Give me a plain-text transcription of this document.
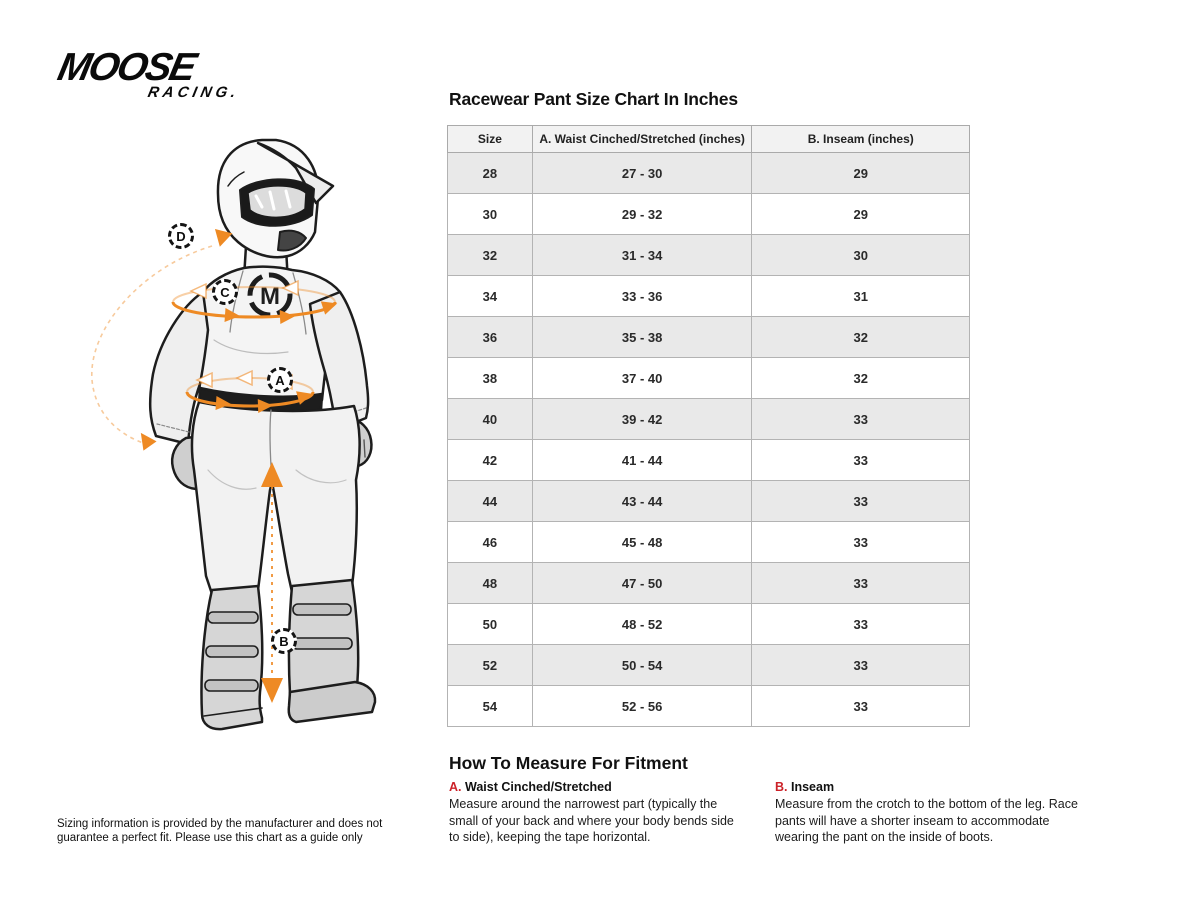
MOOSE
RACING.
M
D
C
A
B
Racewear Pant Size Chart In Inches
Size	A. Waist Cinched/Stretched (inches)	B. Inseam (inches)
28	27 - 30	29
30	29 - 32	29
32	31 - 34	30
34	33 - 36	31
36	35 - 38	32
38	37 - 40	32
40	39 - 42	33
42	41 - 44	33
44	43 - 44	33
46	45 - 48	33
48	47 - 50	33
50	48 - 52	33
52	50 - 54	33
54	52 - 56	33
How To Measure For Fitment
A. Waist Cinched/Stretched
Measure around the narrowest part (typically the small of your back and where your body bends side to side), keeping the tape horizontal.
B. Inseam
Measure from the crotch to the bottom of the leg. Race pants will have a shorter inseam to accommodate wearing the pant on the inside of boots.
Sizing information is provided by the manufacturer and does not guarantee a perfect fit. Please use this chart as a guide only
